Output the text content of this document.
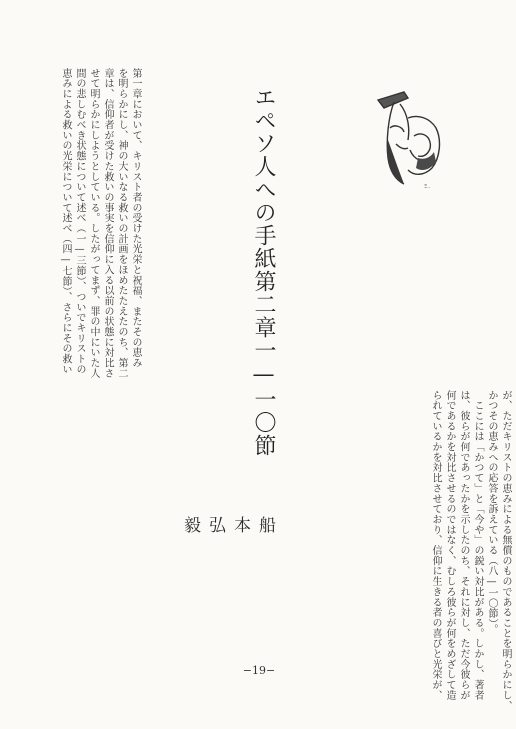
Ξ..
エペソ人への手紙第二章一—一〇節
船
本
弘
毅
第一章において、キリスト者の受けた光栄と祝福、またその恵み
を明らかにし、神の大いなる救いの計画をほめたたえたのち、第二
章は、信仰者が受けた救いの事実を信仰に入る以前の状態に対比さ
せて明らかにしようとしている。したがってまず、罪の中にいた人
間の悲しむべき状態について述べ（一—三節）、ついでキリストの
恵みによる救いの光栄について述べ（四—七節）、さらにその救い
が、ただキリストの恵みによる無償のものであることを明らかにし、
かつその恵みへの応答を訴えている（八—一〇節）。
　ここには「かつて」と「今や」の鋭い対比がある。しかし、著者
は、彼らが何であったかを示したのち、それに対し、ただ今彼らが
何であるかを対比させるのではなく、むしろ彼らが何をめざして造
られているかを対比させており、信仰に生きる者の喜びと光栄が、
−19−
